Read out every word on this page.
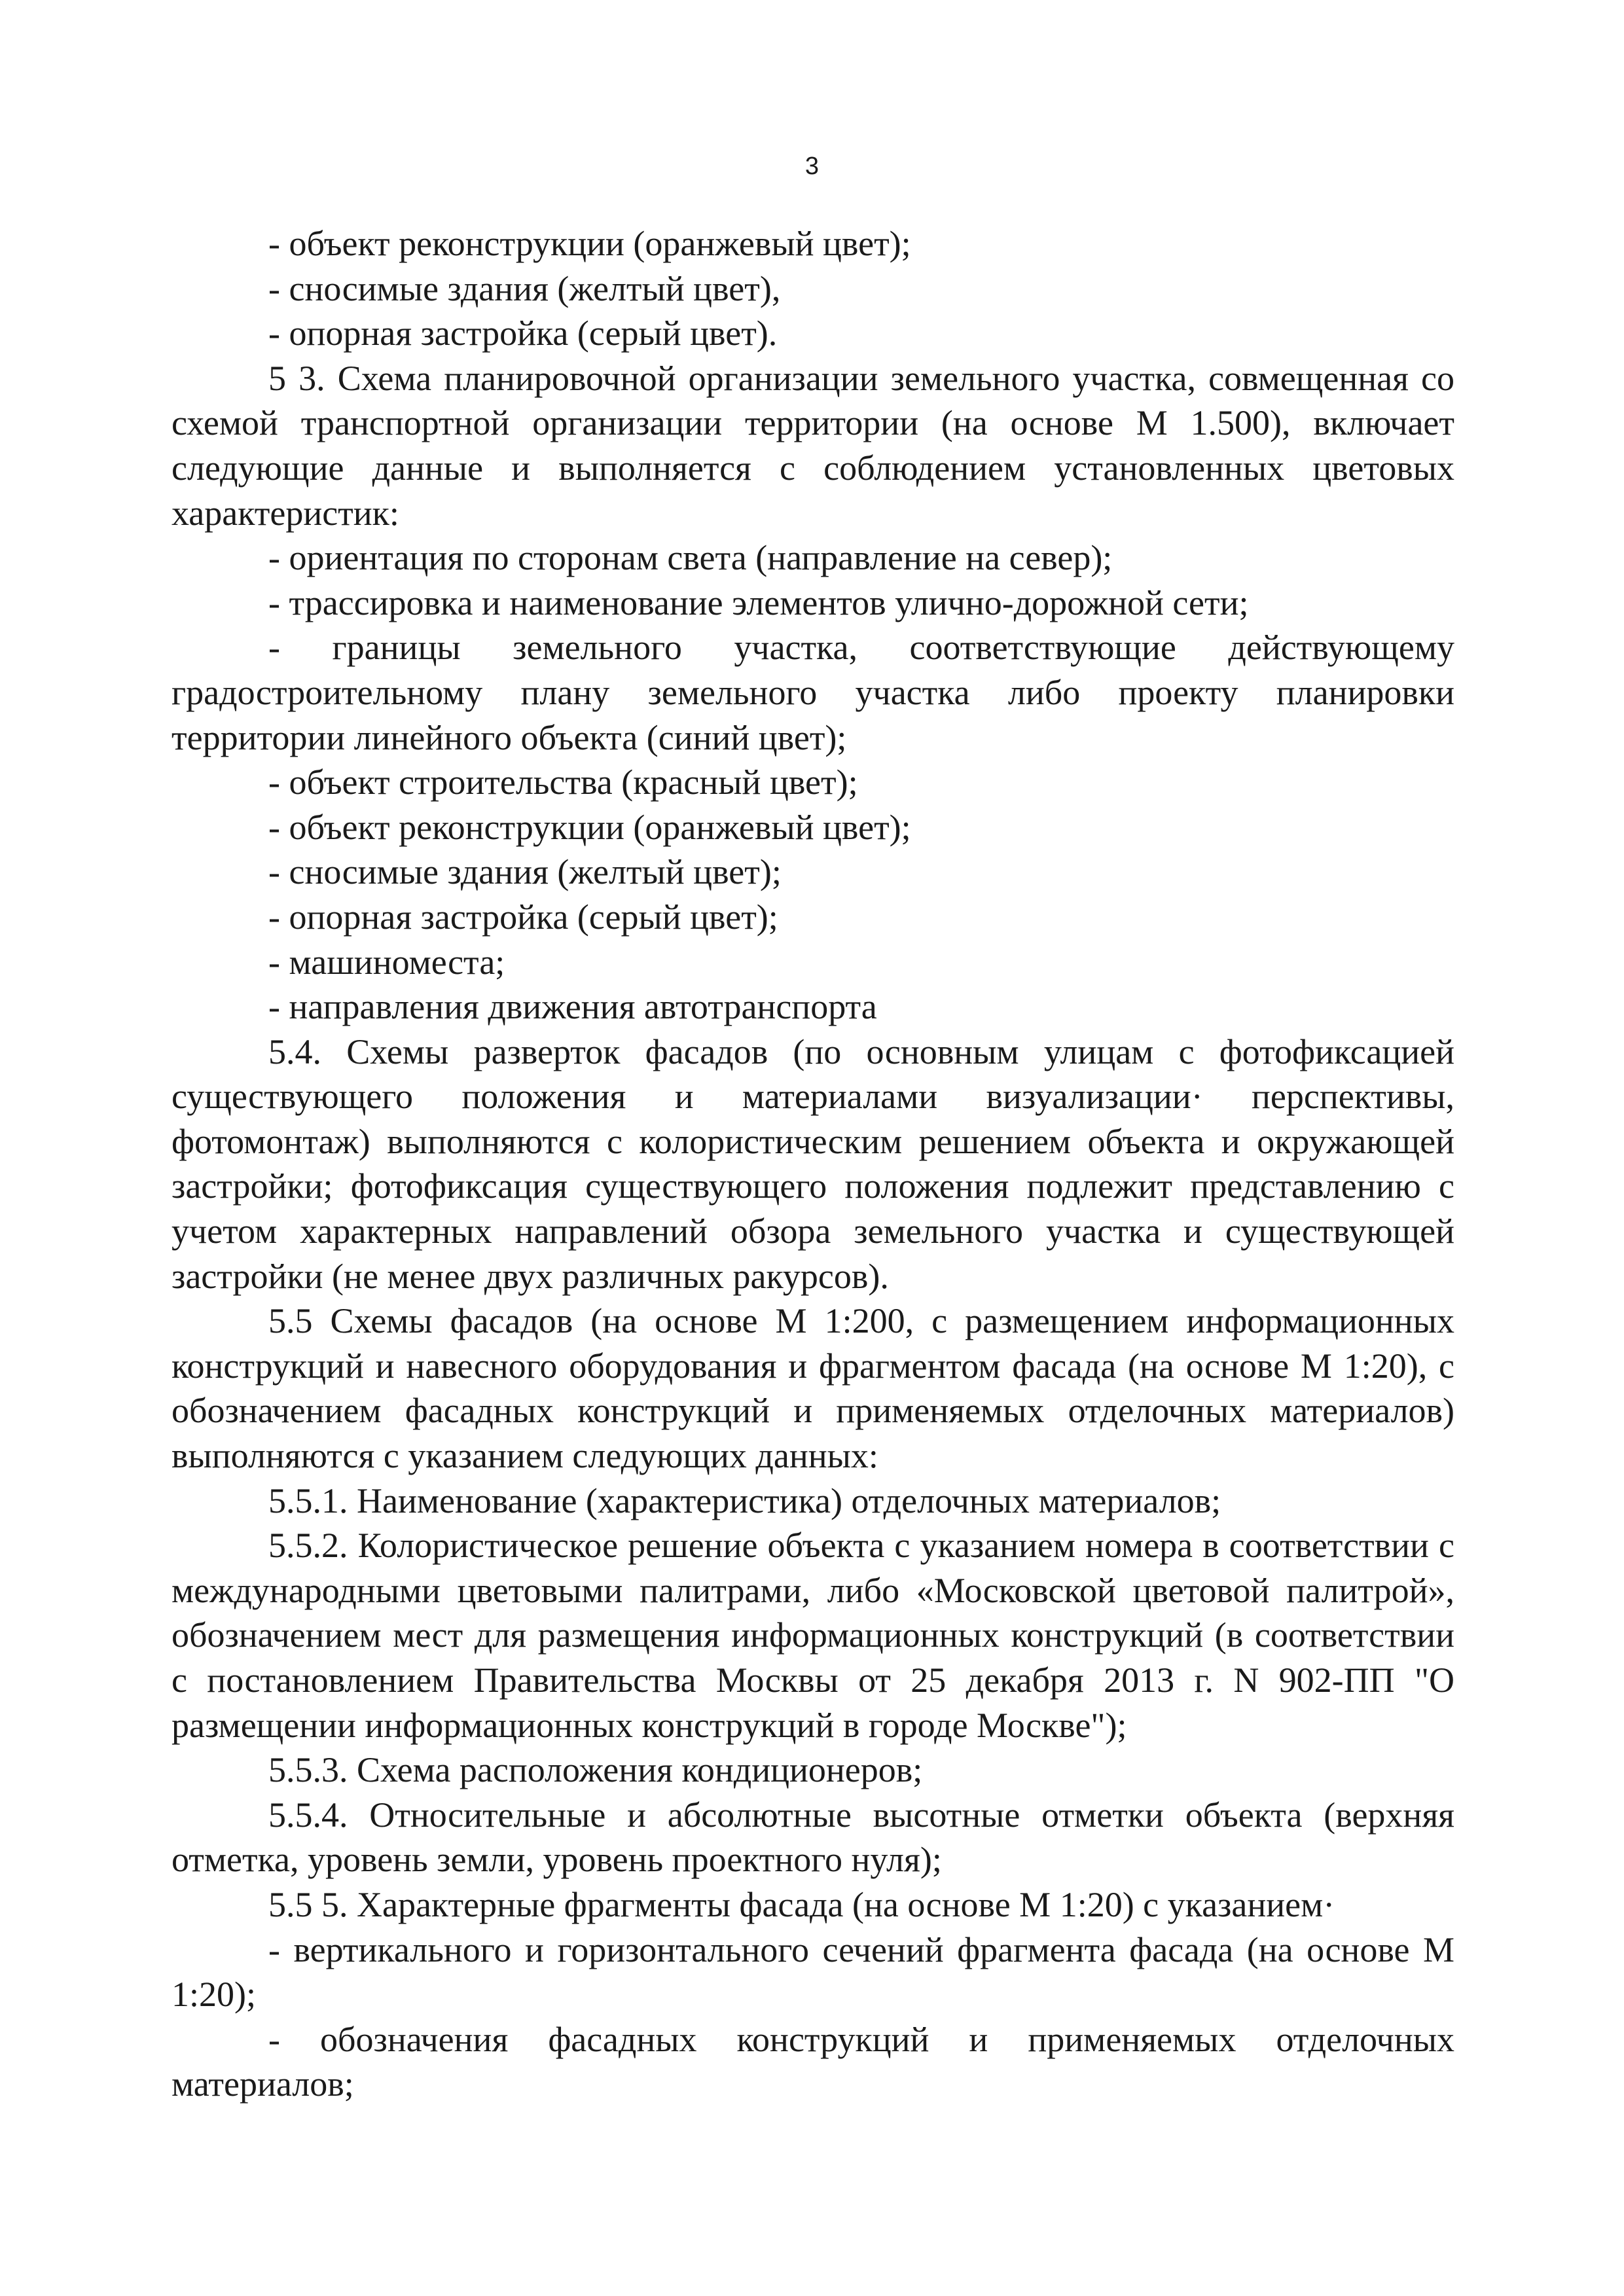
3

- объект реконструкции (оранжевый цвет);

- сносимые здания (желтый цвет),

- опорная застройка (серый цвет).

5 3. Схема планировочной организации земельного участка, совмещенная со схемой транспортной организации территории (на основе М 1.500), включает следующие данные и выполняется с соблюдением установленных цветовых характеристик:

- ориентация по сторонам света (направление на север);

- трассировка и наименование элементов улично-дорожной сети;

- границы земельного участка, соответствующие действующему градостроительному плану земельного участка либо проекту планировки территории линейного объекта (синий цвет);

- объект строительства (красный цвет);

- объект реконструкции (оранжевый цвет);

- сносимые здания (желтый цвет);

- опорная застройка (серый цвет);

- машиноместа;

- направления движения автотранспорта

5.4. Схемы разверток фасадов (по основным улицам с фотофиксацией существующего положения и материалами визуализации· перспективы, фотомонтаж) выполняются с колористическим решением объекта и окружающей застройки; фотофиксация существующего положения подлежит представлению с учетом характерных направлений обзора земельного участка и существующей застройки (не менее двух различных ракурсов).

5.5 Схемы фасадов (на основе М 1:200, с размещением информационных конструкций и навесного оборудования и фрагментом фасада (на основе М 1:20), с обозначением фасадных конструкций и применяемых отделочных материалов) выполняются с указанием следующих данных:

5.5.1. Наименование (характеристика) отделочных материалов;

5.5.2. Колористическое решение объекта с указанием номера в соответствии с международными цветовыми палитрами, либо «Московской цветовой палитрой», обозначением мест для размещения информационных конструкций (в соответствии с постановлением Правительства Москвы от 25 декабря 2013 г. N 902-ПП "О размещении информационных конструкций в городе Москве");

5.5.3. Схема расположения кондиционеров;

5.5.4. Относительные и абсолютные высотные отметки объекта (верхняя отметка, уровень земли, уровень проектного нуля);

5.5 5. Характерные фрагменты фасада (на основе М 1:20) с указанием·

- вертикального и горизонтального сечений фрагмента фасада (на основе М 1:20);

- обозначения фасадных конструкций и применяемых отделочных материалов;
